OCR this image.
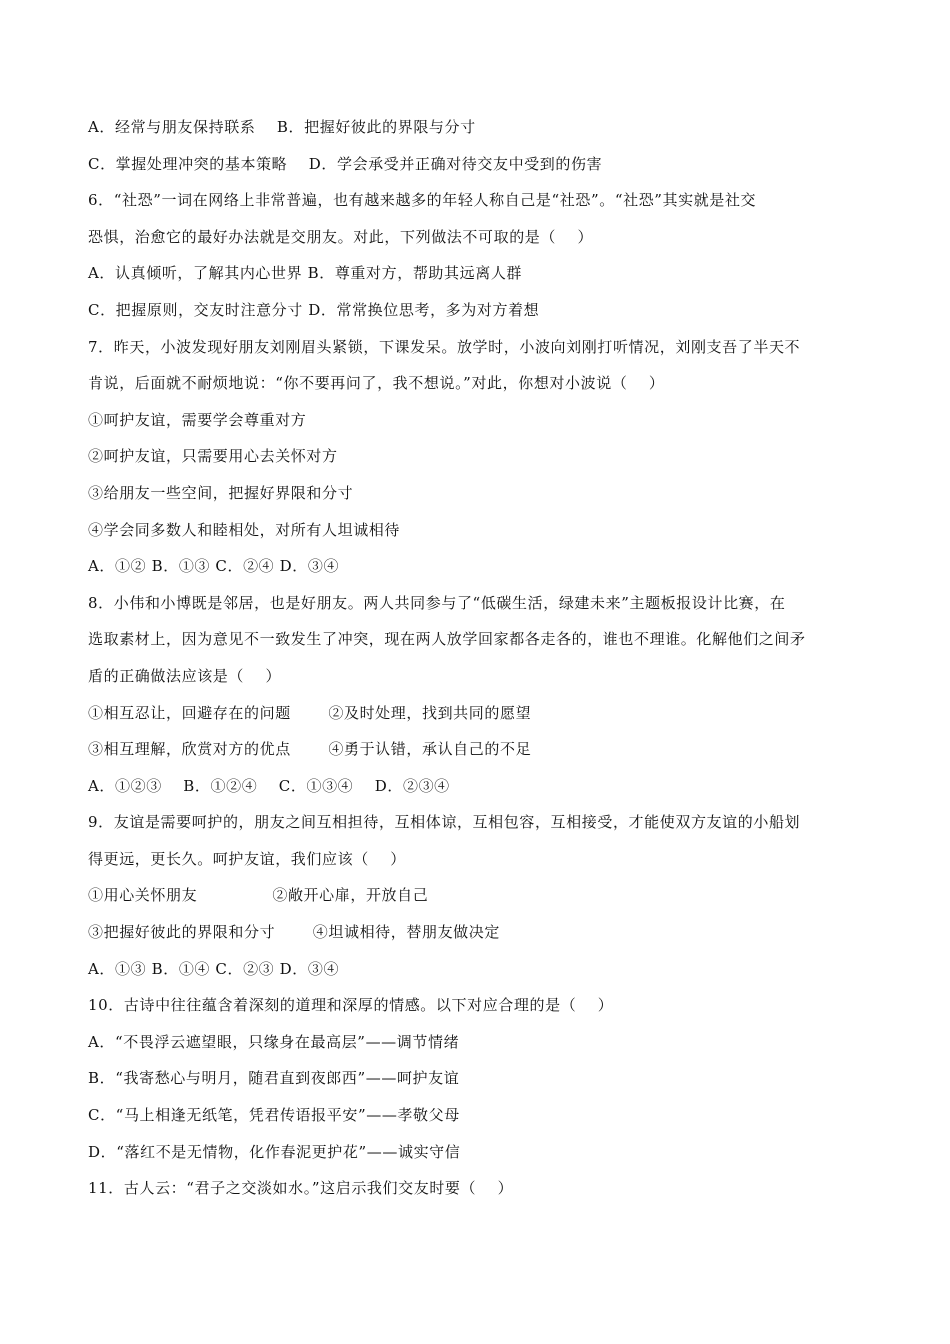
A．经常与朋友保持联系    B．把握好彼此的界限与分寸
C．掌握处理冲突的基本策略    D．学会承受并正确对待交友中受到的伤害
6．“社恐”一词在网络上非常普遍，也有越来越多的年轻人称自己是“社恐”。“社恐”其实就是社交
恐惧，治愈它的最好办法就是交朋友。对此，下列做法不可取的是（    ）
A．认真倾听，了解其内心世界 B．尊重对方，帮助其远离人群
C．把握原则，交友时注意分寸 D．常常换位思考，多为对方着想
7．昨天，小波发现好朋友刘刚眉头紧锁，下课发呆。放学时，小波向刘刚打听情况，刘刚支吾了半天不
肯说，后面就不耐烦地说：“你不要再问了，我不想说。”对此，你想对小波说（    ）
①呵护友谊，需要学会尊重对方
②呵护友谊，只需要用心去关怀对方
③给朋友一些空间，把握好界限和分寸
④学会同多数人和睦相处，对所有人坦诚相待
A．①② B．①③ C．②④ D．③④
8．小伟和小博既是邻居，也是好朋友。两人共同参与了“低碳生活，绿建未来”主题板报设计比赛，在
选取素材上，因为意见不一致发生了冲突，现在两人放学回家都各走各的，谁也不理谁。化解他们之间矛
盾的正确做法应该是（    ）
①相互忍让，回避存在的问题       ②及时处理，找到共同的愿望
③相互理解，欣赏对方的优点       ④勇于认错，承认自己的不足
A．①②③    B．①②④    C．①③④    D．②③④
9．友谊是需要呵护的，朋友之间互相担待，互相体谅，互相包容，互相接受，才能使双方友谊的小船划
得更远，更长久。呵护友谊，我们应该（    ）
①用心关怀朋友              ②敞开心扉，开放自己
③把握好彼此的界限和分寸       ④坦诚相待，替朋友做决定
A．①③ B．①④ C．②③ D．③④
10．古诗中往往蕴含着深刻的道理和深厚的情感。以下对应合理的是（    ）
A．“不畏浮云遮望眼，只缘身在最高层”——调节情绪
B．“我寄愁心与明月，随君直到夜郎西”——呵护友谊
C．“马上相逢无纸笔，凭君传语报平安”——孝敬父母
D．“落红不是无情物，化作春泥更护花”——诚实守信
11．古人云：“君子之交淡如水。”这启示我们交友时要（    ）
